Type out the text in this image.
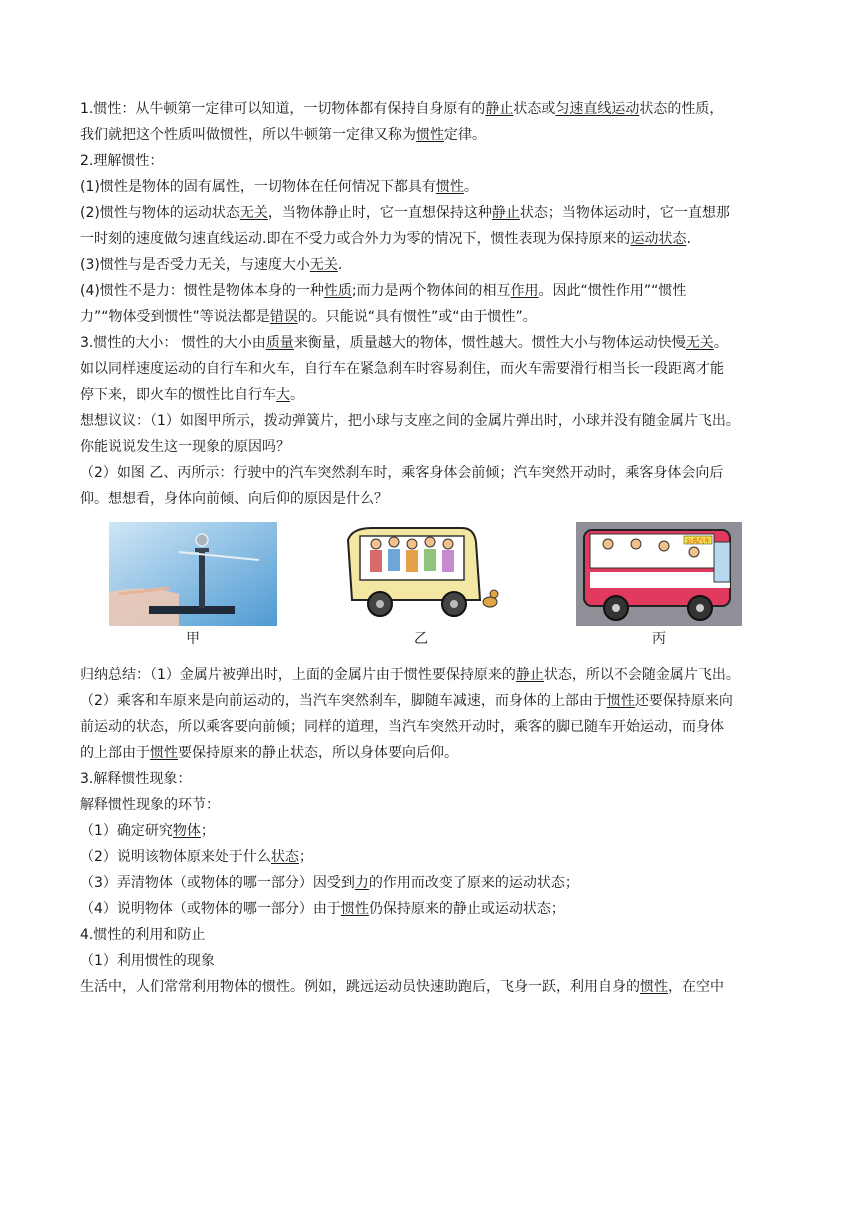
1.惯性：从牛顿第一定律可以知道，一切物体都有保持自身原有的静止状态或匀速直线运动状态的性质，
我们就把这个性质叫做惯性，所以牛顿第一定律又称为惯性定律。
2.理解惯性：
(1)惯性是物体的固有属性，一切物体在任何情况下都具有惯性。
(2)惯性与物体的运动状态无关，当物体静止时，它一直想保持这种静止状态；当物体运动时，它一直想那
一时刻的速度做匀速直线运动.即在不受力或合外力为零的情况下，惯性表现为保持原来的运动状态.
(3)惯性与是否受力无关，与速度大小无关.
(4)惯性不是力：惯性是物体本身的一种性质;而力是两个物体间的相互作用。因此“惯性作用”“惯性
力”“物体受到惯性”等说法都是错误的。只能说“具有惯性”或“由于惯性”。
3.惯性的大小： 惯性的大小由质量来衡量，质量越大的物体，惯性越大。惯性大小与物体运动快慢无关。
如以同样速度运动的自行车和火车，自行车在紧急刹车时容易刹住，而火车需要滑行相当长一段距离才能
停下来，即火车的惯性比自行车大。
想想议议：（1）如图甲所示，拨动弹簧片，把小球与支座之间的金属片弹出时，小球并没有随金属片飞出。
你能说说发生这一现象的原因吗？
（2）如图 乙、丙所示：行驶中的汽车突然刹车时，乘客身体会前倾；汽车突然开动时，乘客身体会向后
仰。想想看，身体向前倾、向后仰的原因是什么？
公共汽车
甲	乙	丙
归纳总结：（1）金属片被弹出时，上面的金属片由于惯性要保持原来的静止状态，所以不会随金属片飞出。
（2）乘客和车原来是向前运动的，当汽车突然刹车，脚随车减速，而身体的上部由于惯性还要保持原来向
前运动的状态，所以乘客要向前倾；同样的道理，当汽车突然开动时，乘客的脚已随车开始运动，而身体
的上部由于惯性要保持原来的静止状态，所以身体要向后仰。
3.解释惯性现象：
解释惯性现象的环节：
（1）确定研究物体；
（2）说明该物体原来处于什么状态；
（3）弄清物体（或物体的哪一部分）因受到力的作用而改变了原来的运动状态；
（4）说明物体（或物体的哪一部分）由于惯性仍保持原来的静止或运动状态；
4.惯性的利用和防止
（1）利用惯性的现象
生活中，人们常常利用物体的惯性。例如，跳远运动员快速助跑后，飞身一跃，利用自身的惯性，在空中
